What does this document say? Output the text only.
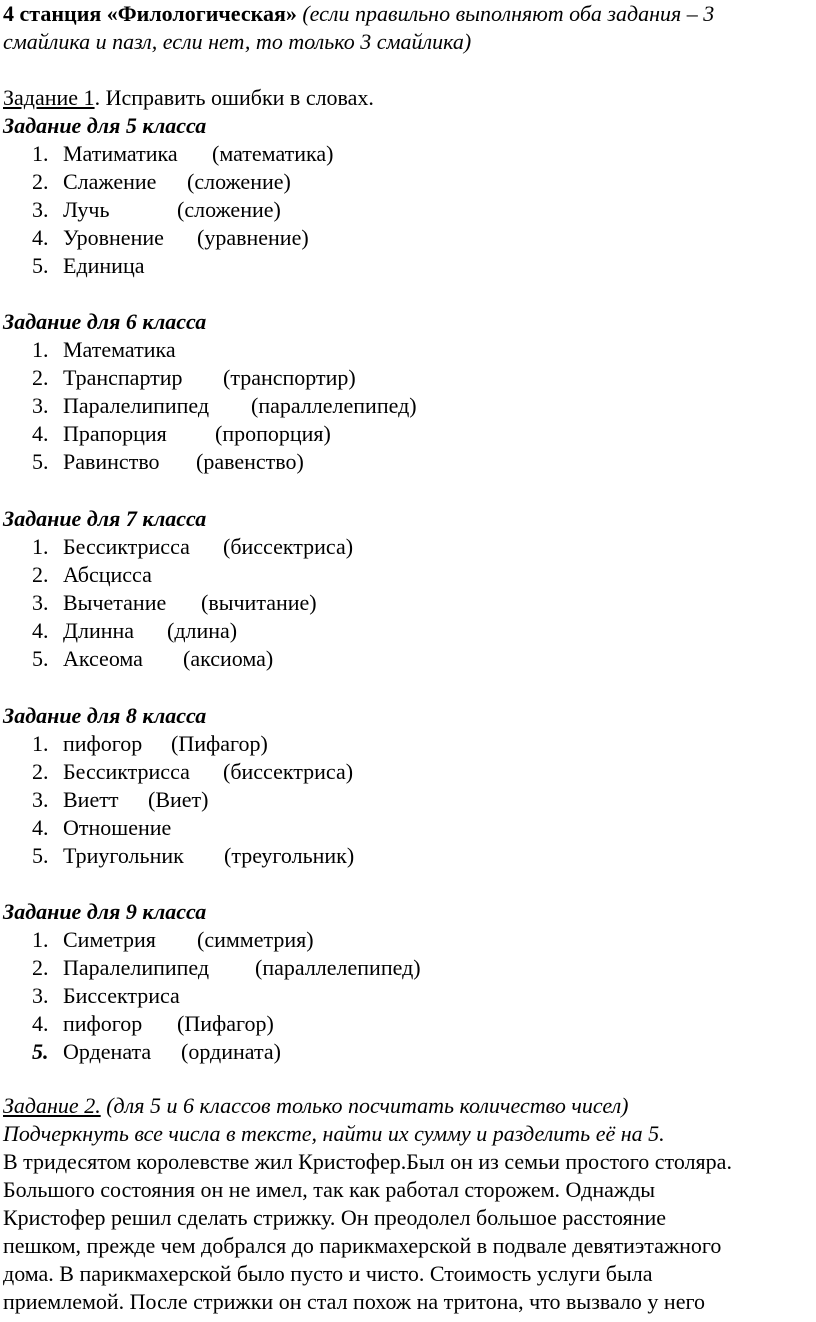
4 станция «Филологическая» (если правильно выполняют оба задания – 3
смайлика и пазл, если нет, то только 3 смайлика)
Задание 1. Исправить ошибки в словах.
Задание для 5 класса
1. Матиматика (математика)
2. Слажение (сложение)
3. Лучь	(сложение)
4. Уровнение (уравнение)
5. Единица
Задание для 6 класса
1. Математика
2. Транспартир (транспортир)
3. Паралелипипед (параллелепипед)
4. Прапорция (пропорция)
5. Равинство (равенство)
Задание для 7 класса
1. Бессиктрисса (биссектриса)
2. Абсцисса
3. Вычетание (вычитание)
4. Длинна (длина)
5. Аксеома (аксиома)
Задание для 8 класса
1. пифогор (Пифагор)
2. Бессиктрисса (биссектриса)
3. Виетт (Виет)
4. Отношение
5. Триугольник (треугольник)
Задание для 9 класса
1. Симетрия (симметрия)
2. Паралелипипед (параллелепипед)
3. Биссектриса
4. пифогор (Пифагор)
5. Ордената (ордината)
Задание 2. (для 5 и 6 классов только посчитать количество чисел)
Подчеркнуть все числа в тексте, найти их сумму и разделить её на 5.
В тридесятом королевстве жил Кристофер.Был он из семьи простого столяра.
Большого состояния он не имел, так как работал сторожем. Однажды
Кристофер решил сделать стрижку. Он преодолел большое расстояние
пешком, прежде чем добрался до парикмахерской в подвале девятиэтажного
дома. В парикмахерской было пусто и чисто. Стоимость услуги была
приемлемой. После стрижки он стал похож на тритона, что вызвало у него
